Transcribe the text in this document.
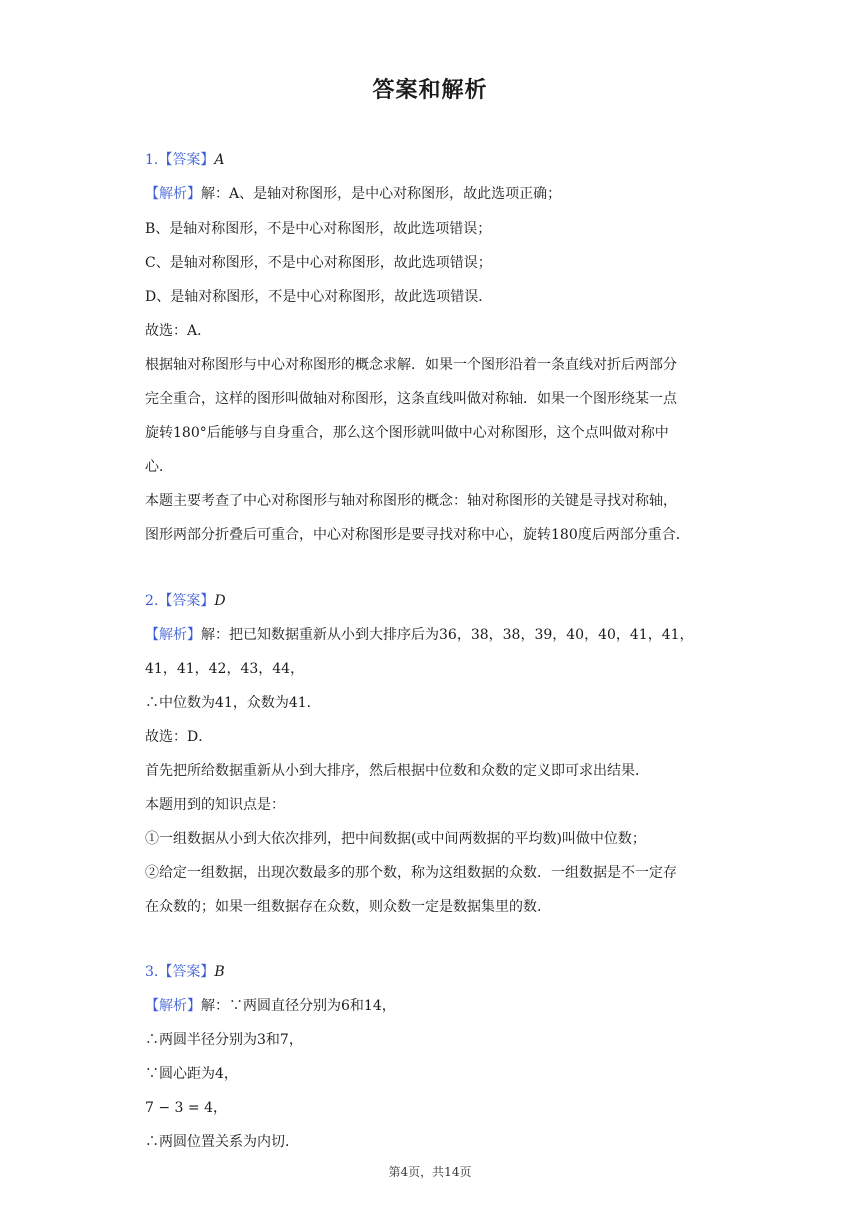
答案和解析
1.【答案】A
【解析】解：A、是轴对称图形，是中心对称图形，故此选项正确；
B、是轴对称图形，不是中心对称图形，故此选项错误；
C、是轴对称图形，不是中心对称图形，故此选项错误；
D、是轴对称图形，不是中心对称图形，故此选项错误．
故选：A．
根据轴对称图形与中心对称图形的概念求解．如果一个图形沿着一条直线对折后两部分
完全重合，这样的图形叫做轴对称图形，这条直线叫做对称轴．如果一个图形绕某一点
旋转180°后能够与自身重合，那么这个图形就叫做中心对称图形，这个点叫做对称中
心．
本题主要考查了中心对称图形与轴对称图形的概念：轴对称图形的关键是寻找对称轴，
图形两部分折叠后可重合，中心对称图形是要寻找对称中心，旋转180度后两部分重合．
2.【答案】D
【解析】解：把已知数据重新从小到大排序后为36，38，38，39，40，40，41，41，
41，41，42，43，44，
∴中位数为41，众数为41．
故选：D．
首先把所给数据重新从小到大排序，然后根据中位数和众数的定义即可求出结果．
本题用到的知识点是：
①一组数据从小到大依次排列，把中间数据(或中间两数据的平均数)叫做中位数；
②给定一组数据，出现次数最多的那个数，称为这组数据的众数．一组数据是不一定存
在众数的；如果一组数据存在众数，则众数一定是数据集里的数．
3.【答案】B
【解析】解：∵两圆直径分别为6和14，
∴两圆半径分别为3和7，
∵圆心距为4，
7 − 3 = 4，
∴两圆位置关系为内切．
第4页，共14页
